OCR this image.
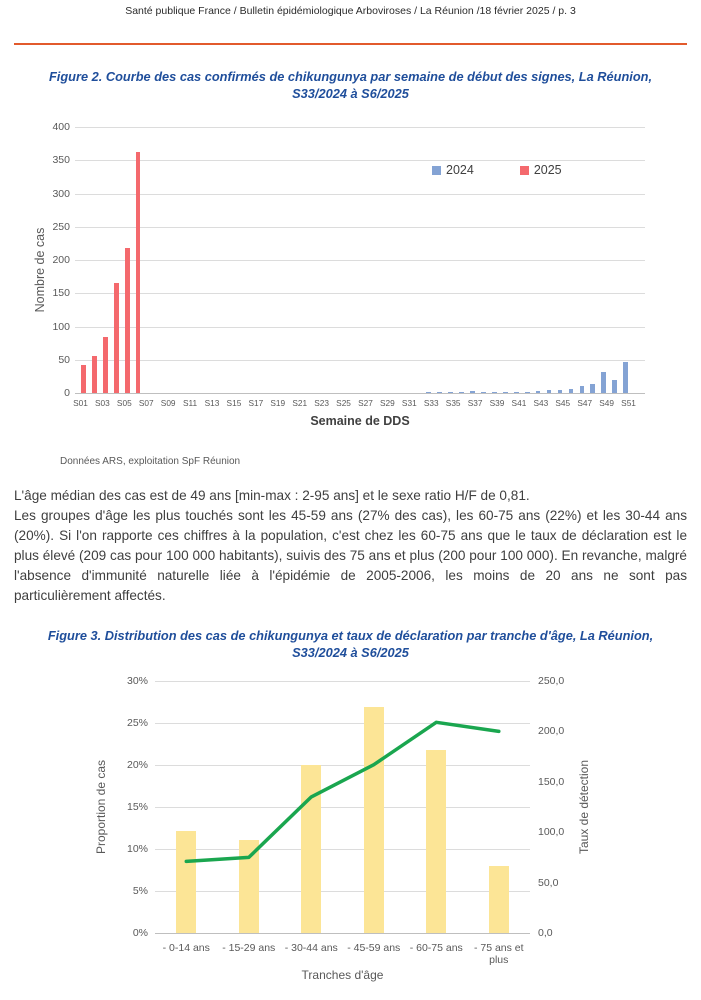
Santé publique France / Bulletin épidémiologique Arboviroses / La Réunion /18 février 2025 / p. 3
Figure 2. Courbe des cas confirmés de chikungunya par semaine de début des signes, La Réunion,
S33/2024 à S6/2025
Nombre de cas
0
50
100
150
200
250
300
350
400
S01 S03 S05 S07 S09 S11 S13 S15 S17 S19 S21 S23 S25 S27 S29 S31 S33 S35 S37 S39 S41 S43 S45 S47 S49 S51
2024	2025
Semaine de DDS
Données ARS, exploitation SpF Réunion

L'âge médian des cas est de 49 ans [min-max : 2-95 ans] et le sexe ratio H/F de 0,81.

Les groupes d'âge les plus touchés sont les 45-59 ans (27% des cas), les 60-75 ans (22%) et les 30-44 ans (20%). Si l'on rapporte ces chiffres à la population, c'est chez les 60-75 ans que le taux de déclaration est le plus élevé (209 cas pour 100 000 habitants), suivis des 75 ans et plus (200 pour 100 000). En revanche, malgré l'absence d'immunité naturelle liée à l'épidémie de 2005-2006, les moins de 20 ans ne sont pas particulièrement affectés.

Figure 3. Distribution des cas de chikungunya et taux de déclaration par tranche d'âge, La Réunion,
S33/2024 à S6/2025
Proportion de cas	Taux de détection
0%
5%
10%
15%
20%
25%
30%
0,0
50,0
100,0
150,0
200,0
250,0
- 0-14 ans	- 15-29 ans - 30-44 ans - 45-59 ans - 60-75 ans	- 75 ans et plus
Tranches d'âge
